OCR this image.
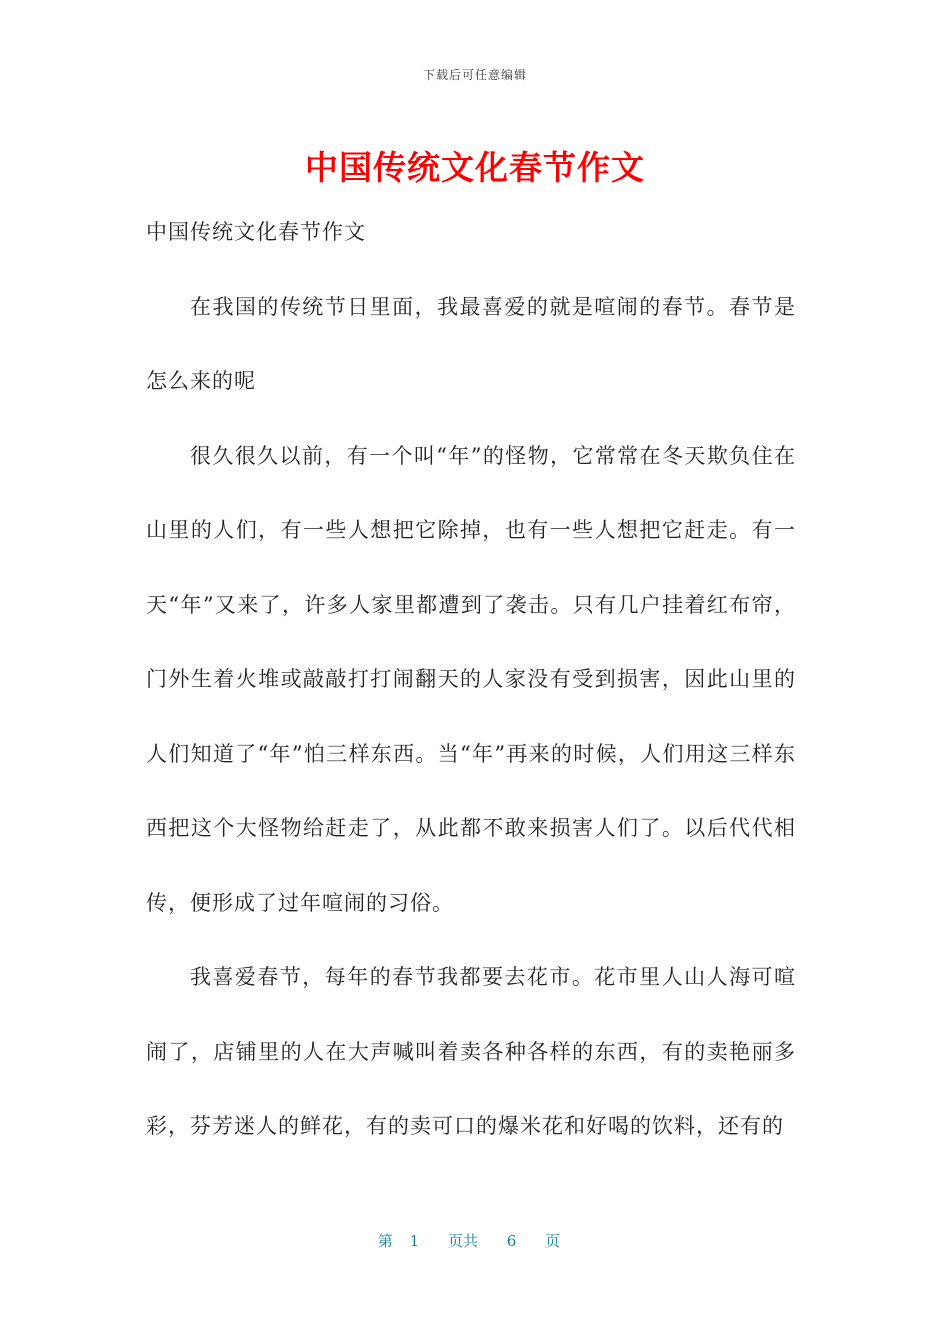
下载后可任意编辑
中国传统文化春节作文

中国传统文化春节作文

在我国的传统节日里面，我最喜爱的就是喧闹的春节。春节是怎么来的呢

很久很久以前，有一个叫“年”的怪物，它常常在冬天欺负住在山里的人们，有一些人想把它除掉，也有一些人想把它赶走。有一天“年”又来了，许多人家里都遭到了袭击。只有几户挂着红布帘，门外生着火堆或敲敲打打闹翻天的人家没有受到损害，因此山里的人们知道了“年”怕三样东西。当“年”再来的时候，人们用这三样东西把这个大怪物给赶走了，从此都不敢来损害人们了。以后代代相传，便形成了过年喧闹的习俗。

我喜爱春节，每年的春节我都要去花市。花市里人山人海可喧闹了，店铺里的人在大声喊叫着卖各种各样的东西，有的卖艳丽多彩，芬芳迷人的鲜花，有的卖可口的爆米花和好喝的饮料，还有的

第 1 页共 6 页
